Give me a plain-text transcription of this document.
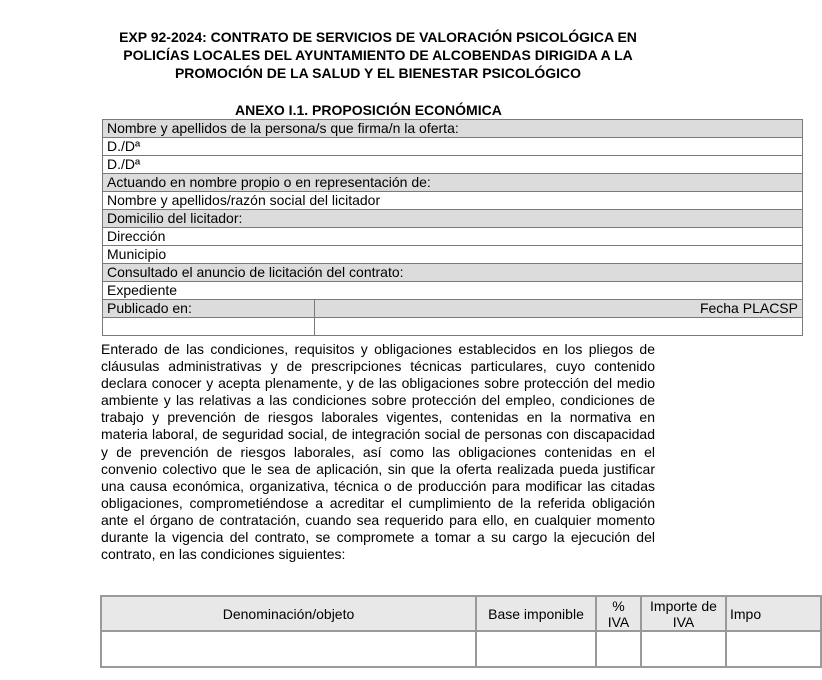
EXP 92-2024: CONTRATO DE SERVICIOS DE VALORACIÓN PSICOLÓGICA EN
POLICÍAS LOCALES DEL AYUNTAMIENTO DE ALCOBENDAS DIRIGIDA A LA
PROMOCIÓN DE LA SALUD Y EL BIENESTAR PSICOLÓGICO
ANEXO I.1. PROPOSICIÓN ECONÓMICA
Nombre y apellidos de la persona/s que firma/n la oferta:	
D./Dª	
D./Dª	
Actuando en nombre propio o en representación de:	
Nombre y apellidos/razón social del licitador	
Domicilio del licitador:	
Dirección	
Municipio	
Consultado el anuncio de licitación del contrato:	
Expediente	
Publicado en:	Fecha PLACSP

Enterado de las condiciones, requisitos y obligaciones establecidos en los pliegos de cláusulas administrativas y de prescripciones técnicas particulares, cuyo contenido declara conocer y acepta plenamente, y de las obligaciones sobre protección del medio ambiente y las relativas a las condiciones sobre protección del empleo, condiciones de trabajo y prevención de riesgos laborales vigentes, contenidas en la normativa en materia laboral, de seguridad social, de integración social de personas con discapacidad y de prevención de riesgos laborales, así como las obligaciones contenidas en el convenio colectivo que le sea de aplicación, sin que la oferta realizada pueda justificar una causa económica, organizativa, técnica o de producción para modificar las citadas obligaciones, comprometiéndose a acreditar el cumplimiento de la referida obligación ante el órgano de contratación, cuando sea requerido para ello, en cualquier momento durante la vigencia del contrato, se compromete a tomar a su cargo la ejecución del contrato, en las condiciones siguientes:

Denominación/objeto	Base imponible	% IVA	Importe de IVA	Impo
